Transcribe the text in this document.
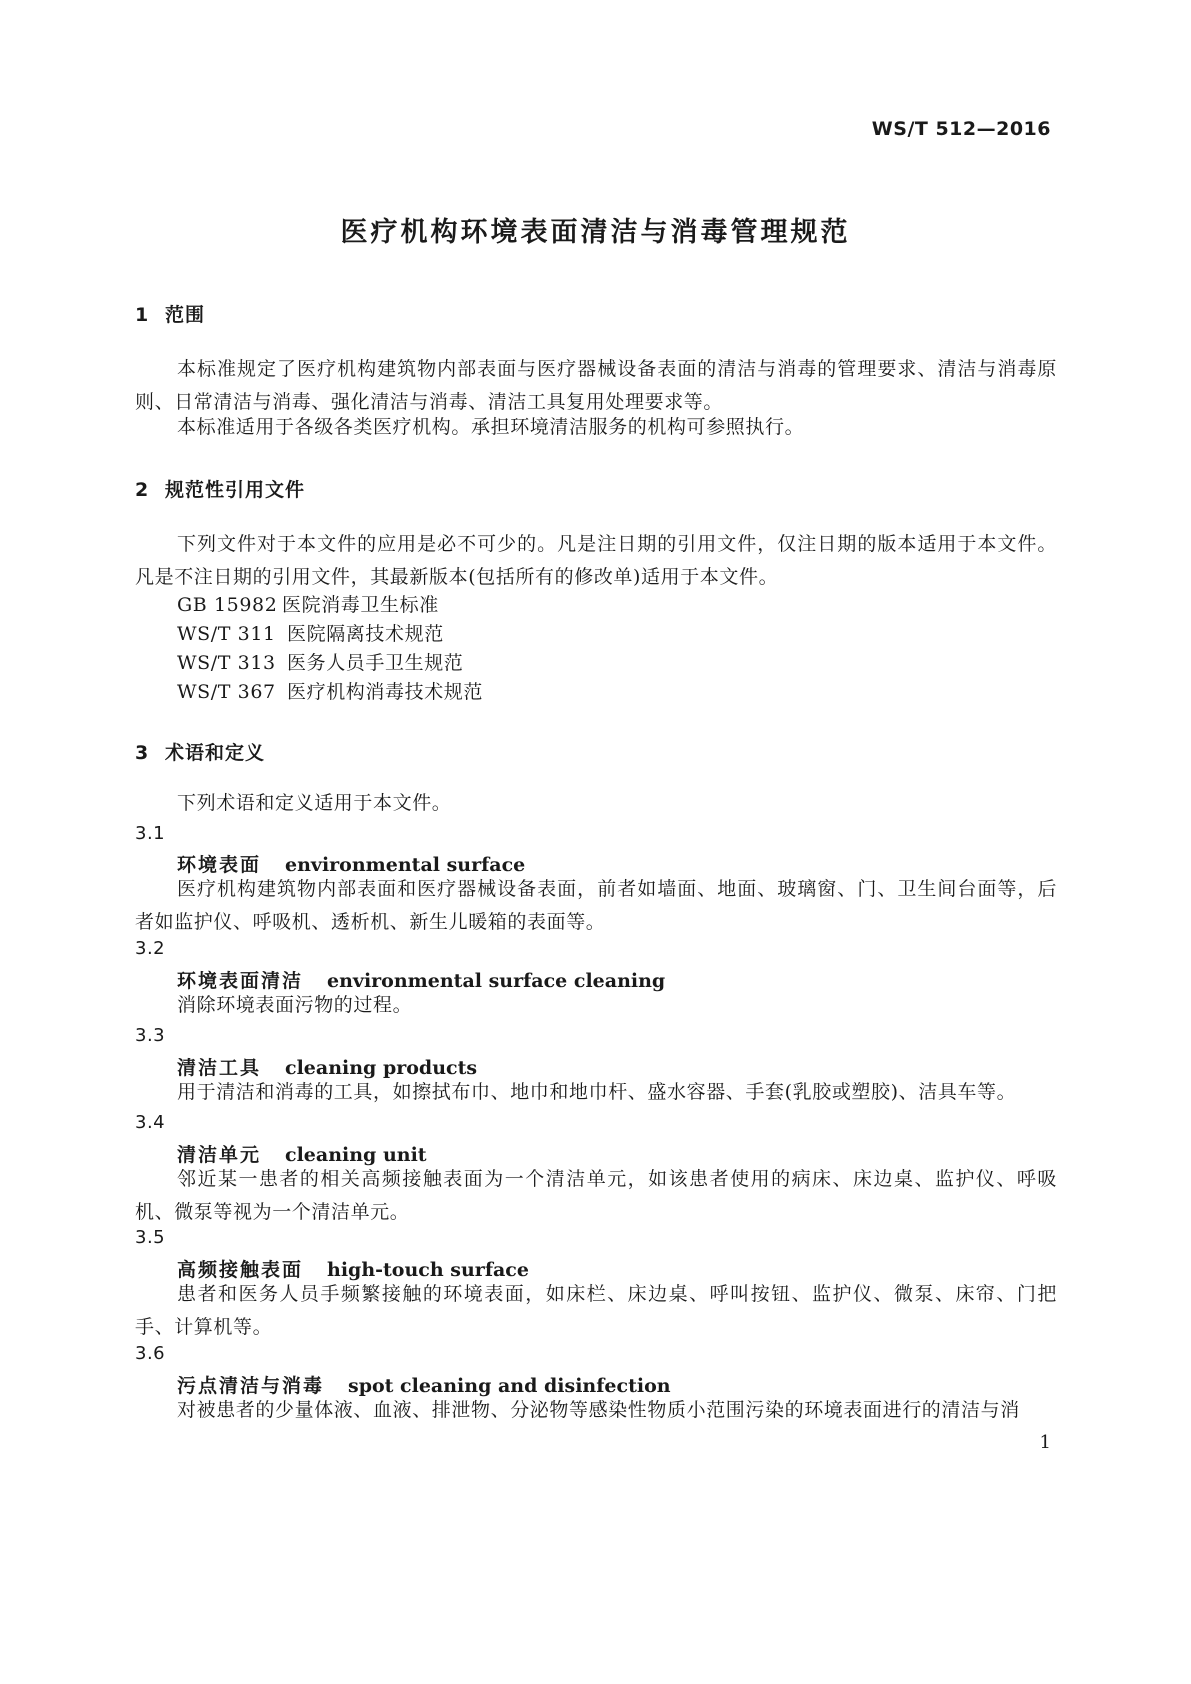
WS/T 512—2016
医疗机构环境表面清洁与消毒管理规范
1 范围
本标准规定了医疗机构建筑物内部表面与医疗器械设备表面的清洁与消毒的管理要求、清洁与消毒原则、日常清洁与消毒、强化清洁与消毒、清洁工具复用处理要求等。
本标准适用于各级各类医疗机构。承担环境清洁服务的机构可参照执行。
2 规范性引用文件
下列文件对于本文件的应用是必不可少的。凡是注日期的引用文件，仅注日期的版本适用于本文件。凡是不注日期的引用文件，其最新版本(包括所有的修改单)适用于本文件。
GB 15982 医院消毒卫生标准
WS/T 311 医院隔离技术规范
WS/T 313 医务人员手卫生规范
WS/T 367 医疗机构消毒技术规范
3 术语和定义
下列术语和定义适用于本文件。
3.1
环境表面 environmental surface
医疗机构建筑物内部表面和医疗器械设备表面，前者如墙面、地面、玻璃窗、门、卫生间台面等，后者如监护仪、呼吸机、透析机、新生儿暖箱的表面等。
3.2
环境表面清洁 environmental surface cleaning
消除环境表面污物的过程。
3.3
清洁工具 cleaning products
用于清洁和消毒的工具，如擦拭布巾、地巾和地巾杆、盛水容器、手套(乳胶或塑胶)、洁具车等。
3.4
清洁单元 cleaning unit
邻近某一患者的相关高频接触表面为一个清洁单元，如该患者使用的病床、床边桌、监护仪、呼吸机、微泵等视为一个清洁单元。
3.5
高频接触表面 high-touch surface
患者和医务人员手频繁接触的环境表面，如床栏、床边桌、呼叫按钮、监护仪、微泵、床帘、门把手、计算机等。
3.6
污点清洁与消毒 spot cleaning and disinfection
对被患者的少量体液、血液、排泄物、分泌物等感染性物质小范围污染的环境表面进行的清洁与消
1
